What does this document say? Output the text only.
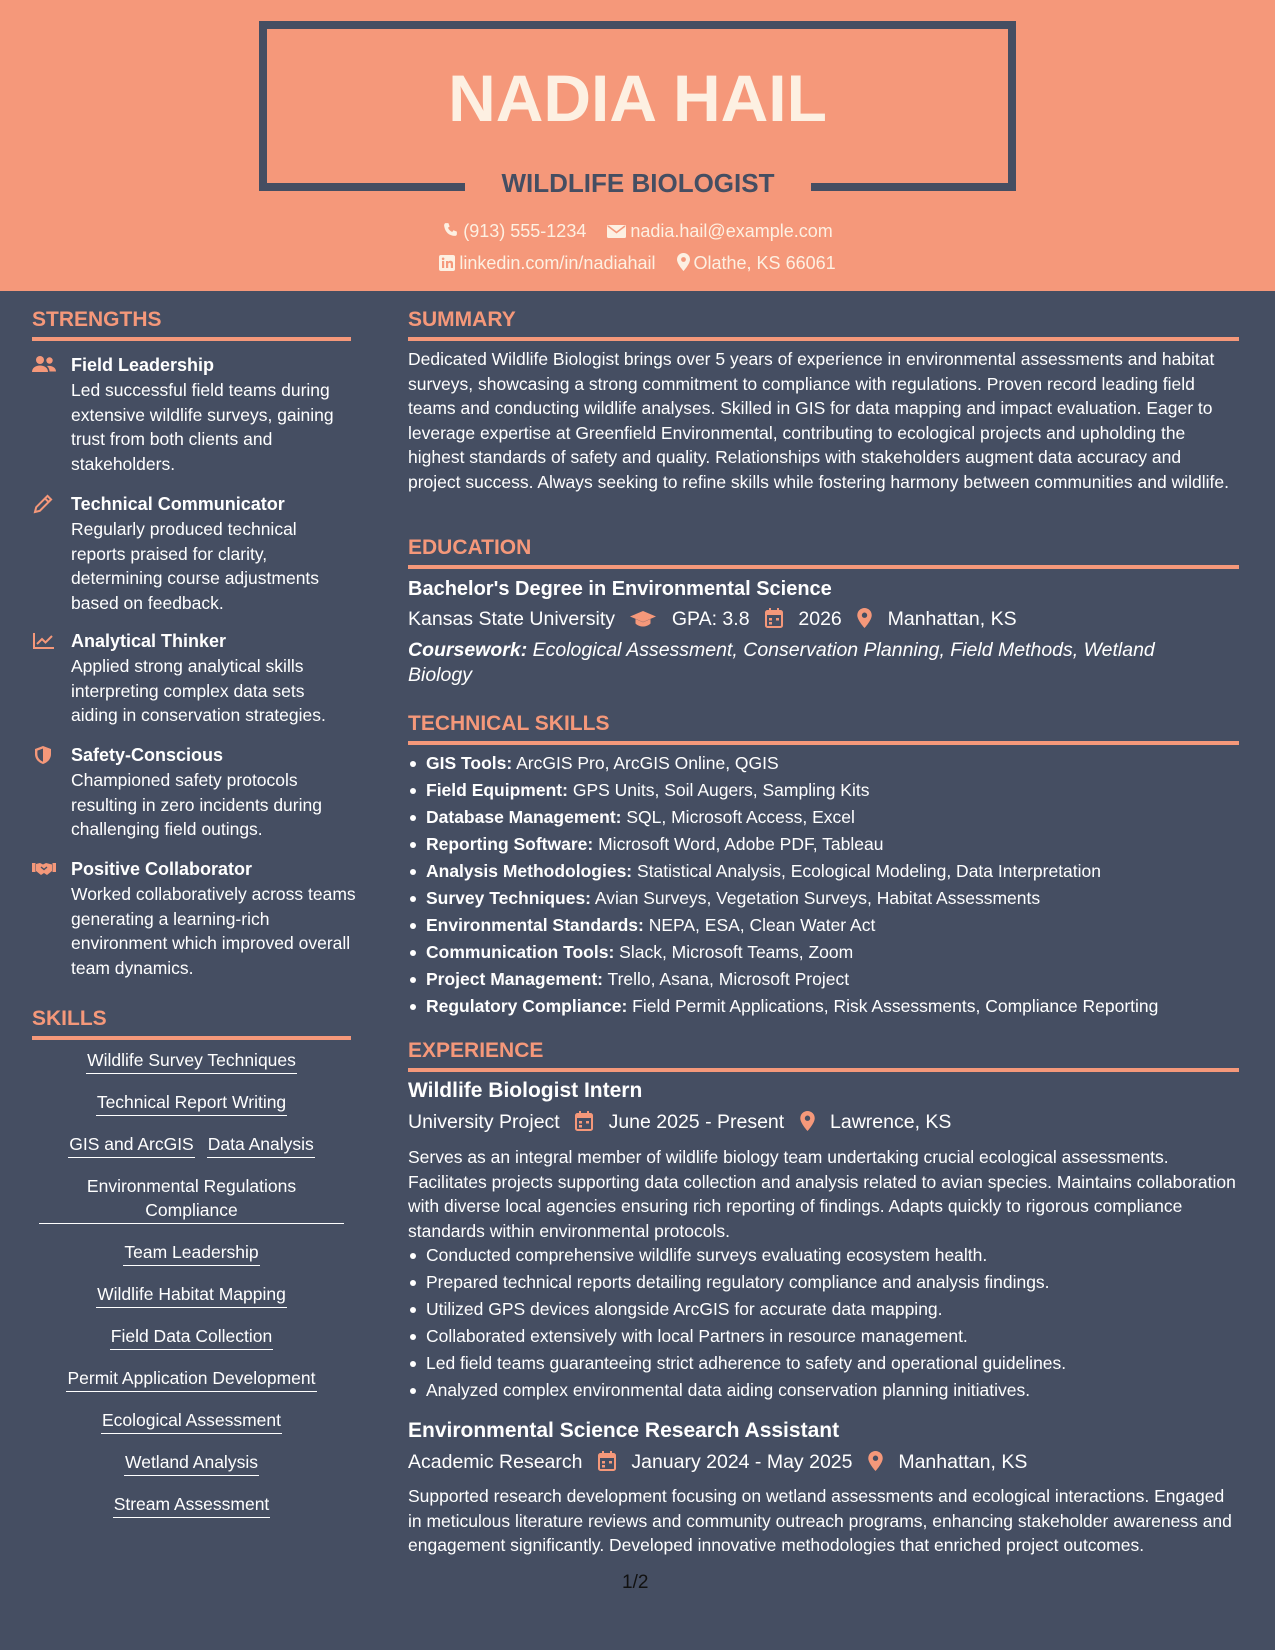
NADIA HAIL
WILDLIFE BIOLOGIST
(913) 555-1234 nadia.hail@example.com
linkedin.com/in/nadiahail Olathe, KS 66061
STRENGTHS
Field Leadership
Led successful field teams during extensive wildlife surveys, gaining trust from both clients and stakeholders.
Technical Communicator
Regularly produced technical reports praised for clarity, determining course adjustments based on feedback.
Analytical Thinker
Applied strong analytical skills interpreting complex data sets aiding in conservation strategies.
Safety-Conscious
Championed safety protocols resulting in zero incidents during challenging field outings.
Positive Collaborator
Worked collaboratively across teams generating a learning-rich environment which improved overall team dynamics.
SKILLS
Wildlife Survey Techniques
Technical Report Writing
GIS and ArcGIS Data Analysis
Environmental Regulations Compliance
Team Leadership
Wildlife Habitat Mapping
Field Data Collection
Permit Application Development
Ecological Assessment
Wetland Analysis
Stream Assessment
SUMMARY
Dedicated Wildlife Biologist brings over 5 years of experience in environmental assessments and habitat surveys, showcasing a strong commitment to compliance with regulations. Proven record leading field teams and conducting wildlife analyses. Skilled in GIS for data mapping and impact evaluation. Eager to leverage expertise at Greenfield Environmental, contributing to ecological projects and upholding the highest standards of safety and quality. Relationships with stakeholders augment data accuracy and project success. Always seeking to refine skills while fostering harmony between communities and wildlife.
EDUCATION
Bachelor's Degree in Environmental Science
Kansas State University	GPA: 3.8	2026 Manhattan, KS
Coursework: Ecological Assessment, Conservation Planning, Field Methods, Wetland Biology
TECHNICAL SKILLS
GIS Tools: ArcGIS Pro, ArcGIS Online, QGIS
Field Equipment: GPS Units, Soil Augers, Sampling Kits
Database Management: SQL, Microsoft Access, Excel
Reporting Software: Microsoft Word, Adobe PDF, Tableau
Analysis Methodologies: Statistical Analysis, Ecological Modeling, Data Interpretation
Survey Techniques: Avian Surveys, Vegetation Surveys, Habitat Assessments
Environmental Standards: NEPA, ESA, Clean Water Act
Communication Tools: Slack, Microsoft Teams, Zoom
Project Management: Trello, Asana, Microsoft Project
Regulatory Compliance: Field Permit Applications, Risk Assessments, Compliance Reporting
EXPERIENCE
Wildlife Biologist Intern
University Project	June 2025 - Present Lawrence, KS
Serves as an integral member of wildlife biology team undertaking crucial ecological assessments. Facilitates projects supporting data collection and analysis related to avian species. Maintains collaboration with diverse local agencies ensuring rich reporting of findings. Adapts quickly to rigorous compliance standards within environmental protocols.
Conducted comprehensive wildlife surveys evaluating ecosystem health.
Prepared technical reports detailing regulatory compliance and analysis findings.
Utilized GPS devices alongside ArcGIS for accurate data mapping.
Collaborated extensively with local Partners in resource management.
Led field teams guaranteeing strict adherence to safety and operational guidelines.
Analyzed complex environmental data aiding conservation planning initiatives.
Environmental Science Research Assistant
Academic Research	January 2024 - May 2025 Manhattan, KS
Supported research development focusing on wetland assessments and ecological interactions. Engaged in meticulous literature reviews and community outreach programs, enhancing stakeholder awareness and engagement significantly. Developed innovative methodologies that enriched project outcomes.
1/2
